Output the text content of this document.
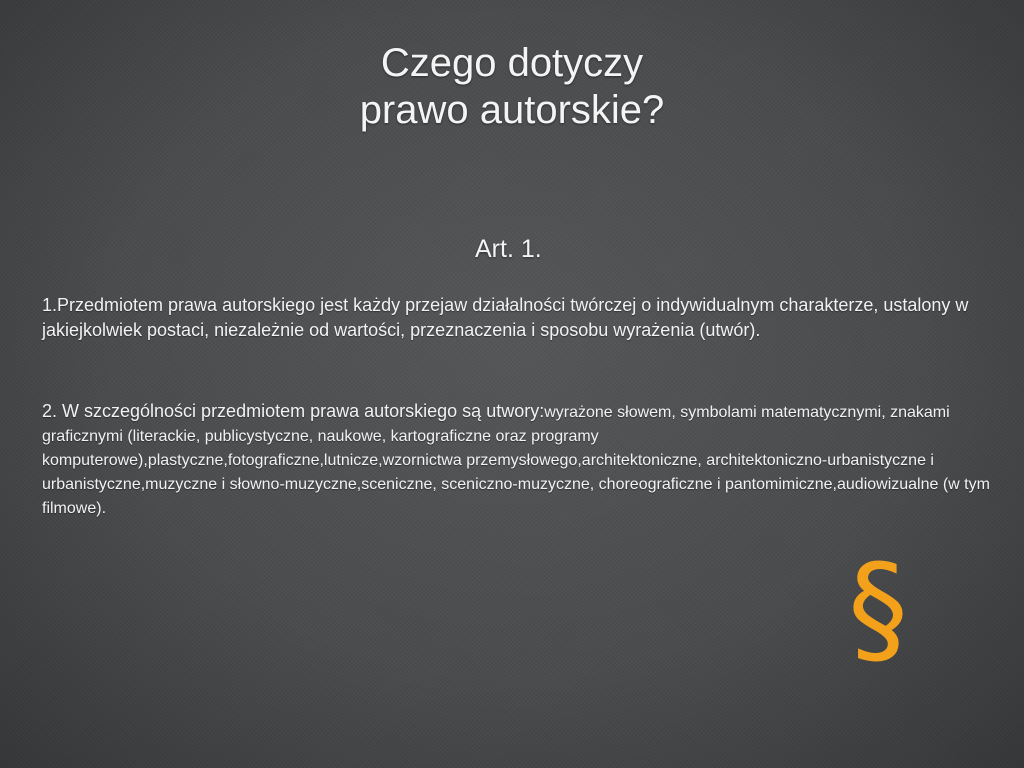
Czego dotyczy
prawo autorskie?
Art. 1.
1.Przedmiotem prawa autorskiego jest każdy przejaw działalności twórczej o indywidualnym charakterze, ustalony w jakiejkolwiek postaci, niezależnie od wartości, przeznaczenia i sposobu wyrażenia (utwór).
2. W szczególności przedmiotem prawa autorskiego są utwory:wyrażone słowem, symbolami matematycznymi, znakami graficznymi (literackie, publicystyczne, naukowe, kartograficzne oraz programy komputerowe),plastyczne,fotograficzne,lutnicze,wzornictwa przemysłowego,architektoniczne, architektoniczno-urbanistyczne i urbanistyczne,muzyczne i słowno-muzyczne,sceniczne, sceniczno-muzyczne, choreograficzne i pantomimiczne,audiowizualne (w tym filmowe).
§
